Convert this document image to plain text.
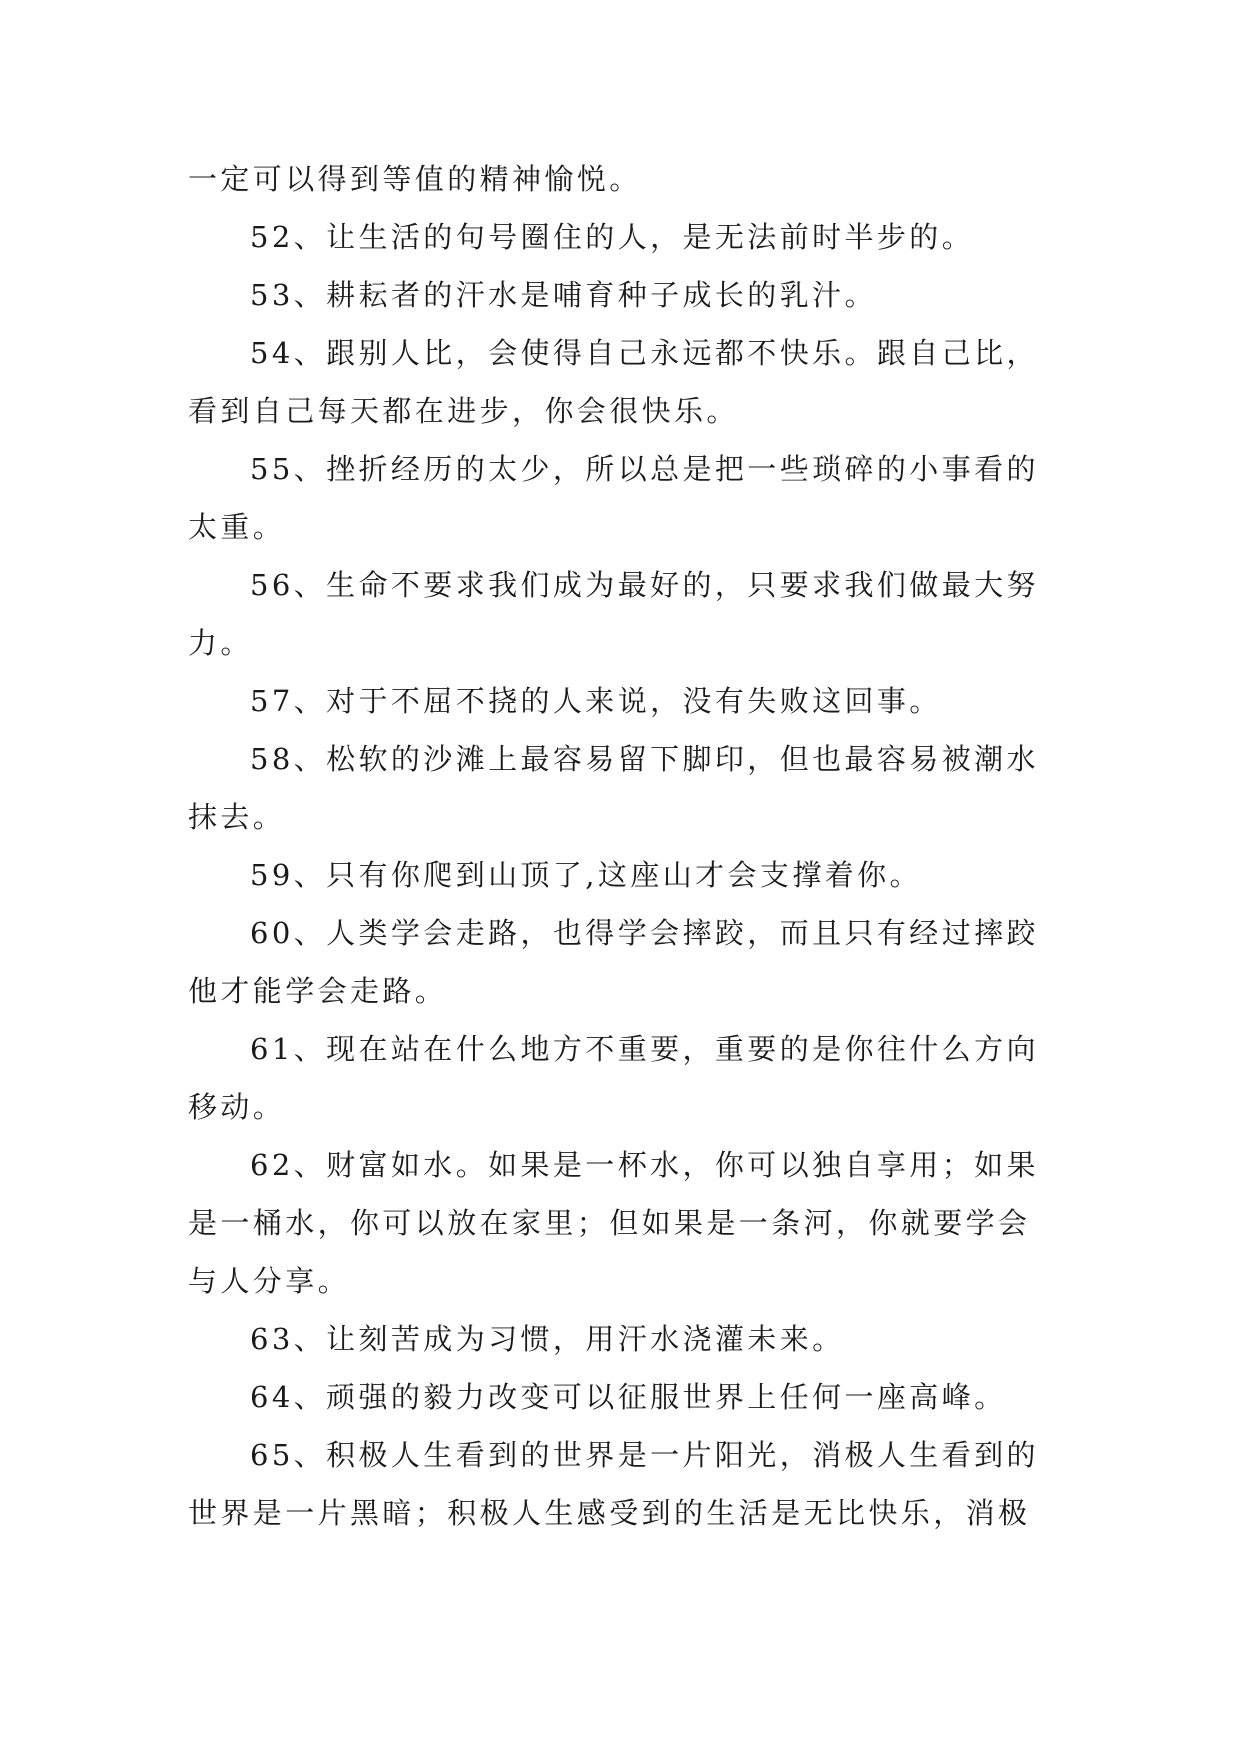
一定可以得到等值的精神愉悦。

52、让生活的句号圈住的人，是无法前时半步的。

53、耕耘者的汗水是哺育种子成长的乳汁。

54、跟别人比，会使得自己永远都不快乐。跟自己比，看到自己每天都在进步，你会很快乐。

55、挫折经历的太少，所以总是把一些琐碎的小事看的太重。

56、生命不要求我们成为最好的，只要求我们做最大努力。

57、对于不屈不挠的人来说，没有失败这回事。

58、松软的沙滩上最容易留下脚印，但也最容易被潮水抹去。

59、只有你爬到山顶了,这座山才会支撑着你。

60、人类学会走路，也得学会摔跤，而且只有经过摔跤他才能学会走路。

61、现在站在什么地方不重要，重要的是你往什么方向移动。

62、财富如水。如果是一杯水，你可以独自享用；如果是一桶水，你可以放在家里；但如果是一条河，你就要学会与人分享。

63、让刻苦成为习惯，用汗水浇灌未来。

64、顽强的毅力改变可以征服世界上任何一座高峰。

65、积极人生看到的世界是一片阳光，消极人生看到的世界是一片黑暗；积极人生感受到的生活是无比快乐，消极
